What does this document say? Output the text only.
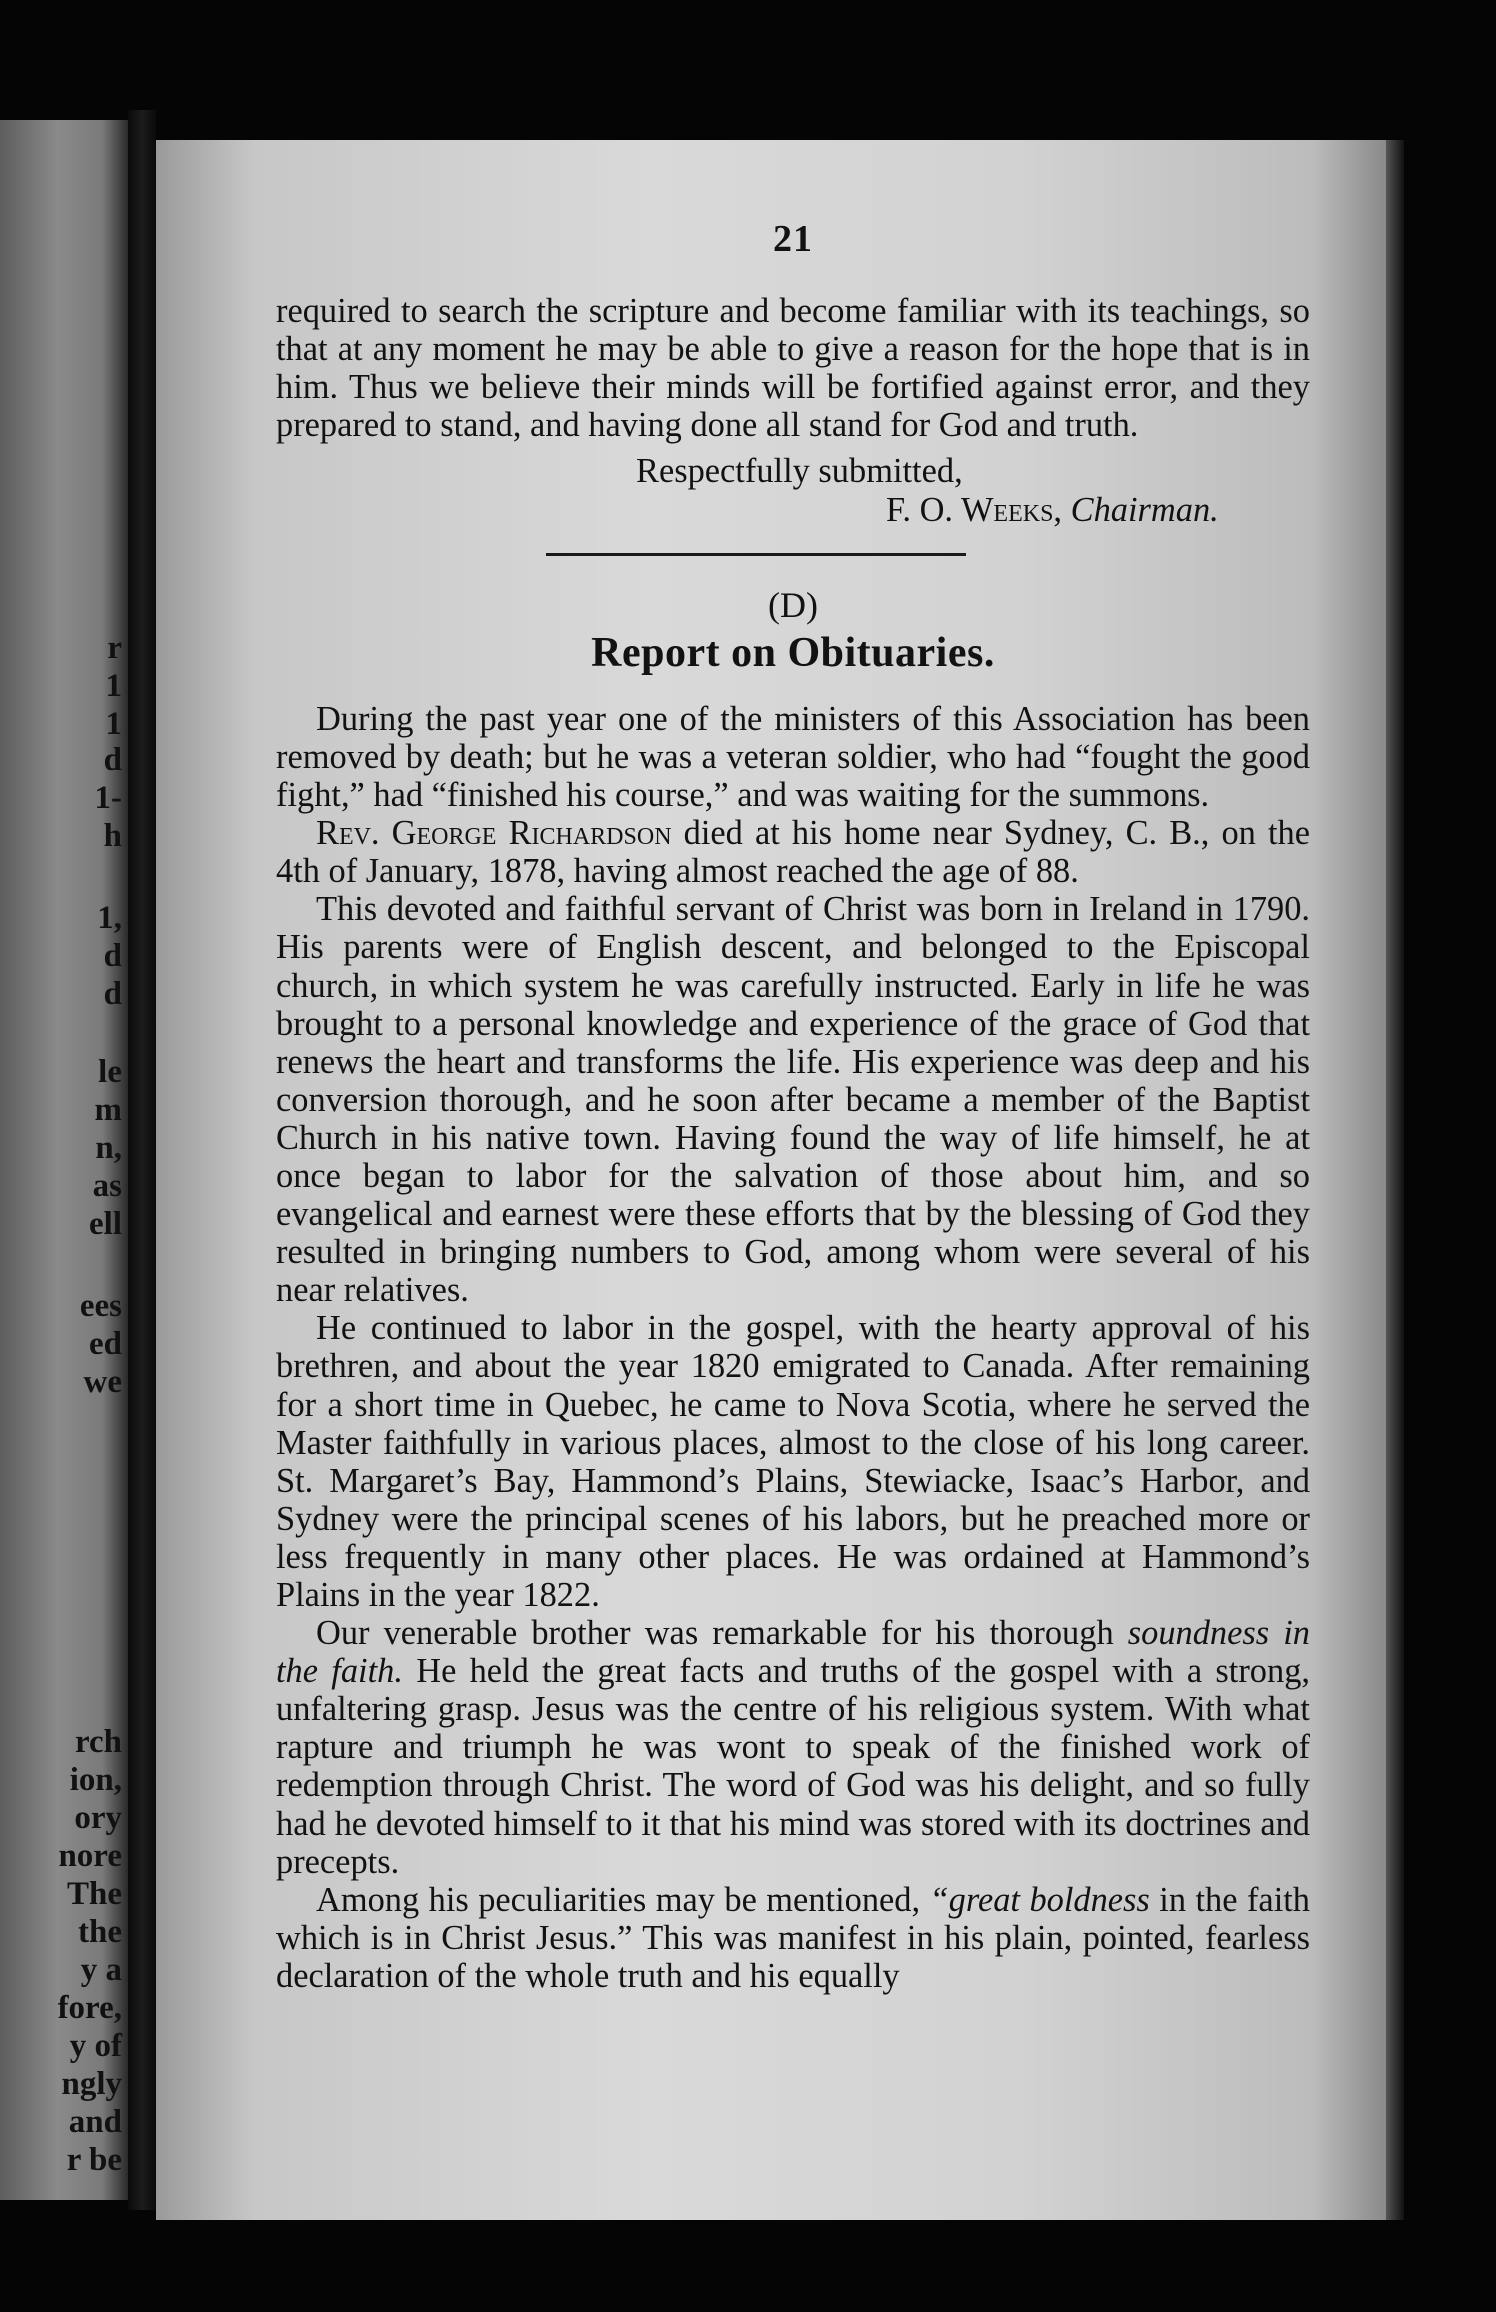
r
1
1
d
1-
h
1,
d
d
le
m
n,
as
ell
ees
ed
we
rch
ion,
ory
nore
The
the
y a
fore,
y of
ngly
and
r be
21

required to search the scripture and become familiar with its teachings, so that at any moment he may be able to give a reason for the hope that is in him. Thus we believe their minds will be fortified against error, and they prepared to stand, and having done all stand for God and truth.

Respectfully submitted,
F. O. Weeks, Chairman.
(D)
Report on Obituaries.

During the past year one of the ministers of this Association has been removed by death; but he was a veteran soldier, who had “fought the good fight,” had “finished his course,” and was waiting for the summons.

Rev. George Richardson died at his home near Sydney, C. B., on the 4th of January, 1878, having almost reached the age of 88.

This devoted and faithful servant of Christ was born in Ireland in 1790. His parents were of English descent, and belonged to the Episcopal church, in which system he was carefully instructed. Early in life he was brought to a personal knowledge and experience of the grace of God that renews the heart and transforms the life. His experience was deep and his conversion thorough, and he soon after became a member of the Baptist Church in his native town. Having found the way of life himself, he at once began to labor for the salvation of those about him, and so evangelical and earnest were these efforts that by the blessing of God they resulted in bringing numbers to God, among whom were several of his near relatives.

He continued to labor in the gospel, with the hearty approval of his brethren, and about the year 1820 emigrated to Canada. After remaining for a short time in Quebec, he came to Nova Scotia, where he served the Master faithfully in various places, almost to the close of his long career. St. Margaret’s Bay, Hammond’s Plains, Stewiacke, Isaac’s Harbor, and Sydney were the principal scenes of his labors, but he preached more or less frequently in many other places. He was ordained at Hammond’s Plains in the year 1822.

Our venerable brother was remarkable for his thorough soundness in the faith. He held the great facts and truths of the gospel with a strong, unfaltering grasp. Jesus was the centre of his religious system. With what rapture and triumph he was wont to speak of the finished work of redemption through Christ. The word of God was his delight, and so fully had he devoted himself to it that his mind was stored with its doctrines and precepts.

Among his peculiarities may be mentioned, “great boldness in the faith which is in Christ Jesus.” This was manifest in his plain, pointed, fearless declaration of the whole truth and his equally
